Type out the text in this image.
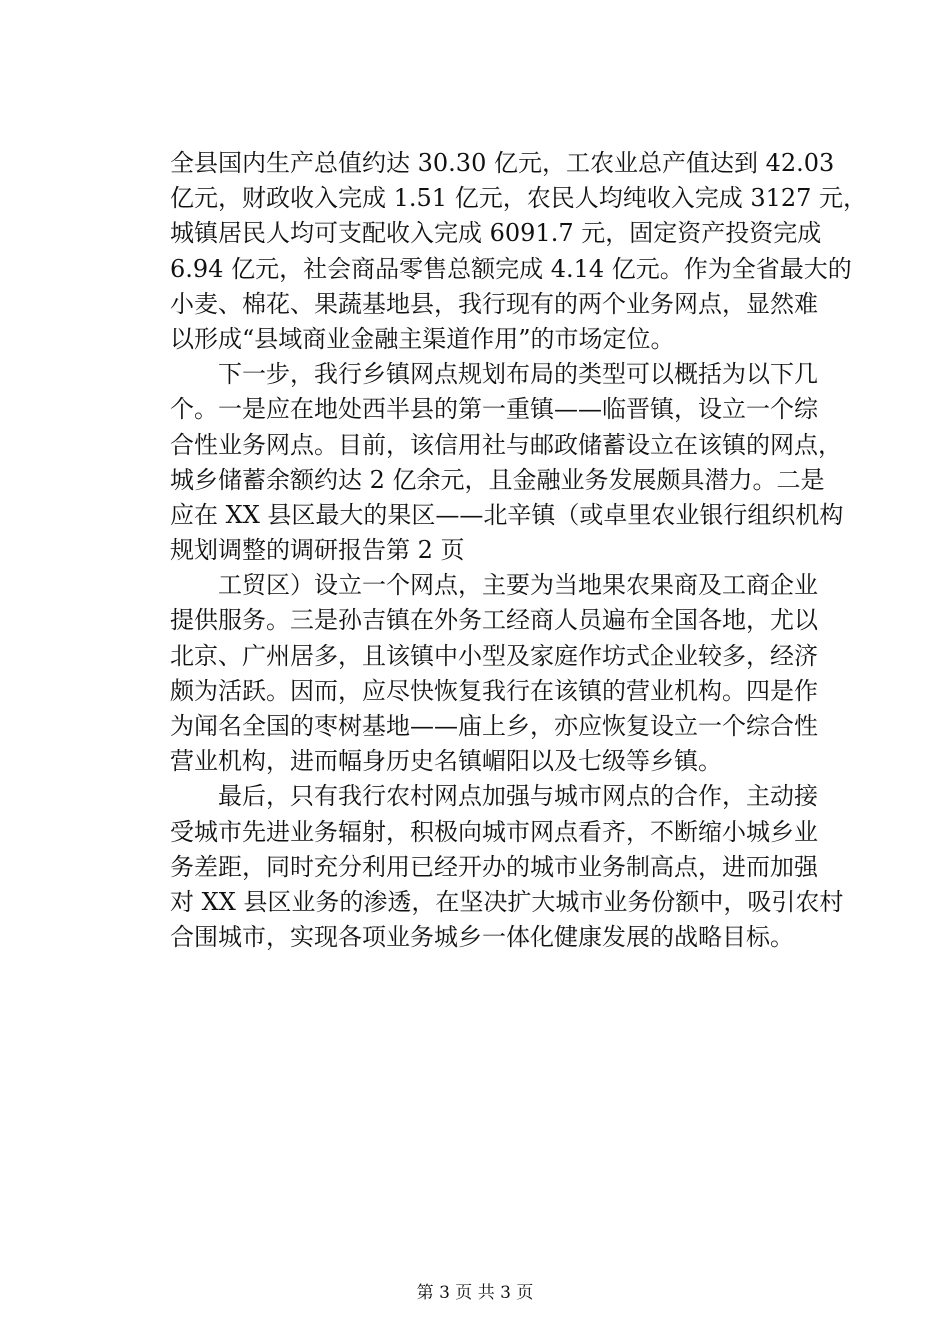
全县国内生产总值约达 30.30 亿元，工农业总产值达到 42.03
亿元，财政收入完成 1.51 亿元，农民人均纯收入完成 3127 元，
城镇居民人均可支配收入完成 6091.7 元，固定资产投资完成
6.94 亿元，社会商品零售总额完成 4.14 亿元。作为全省最大的
小麦、棉花、果蔬基地县，我行现有的两个业务网点，显然难
以形成“县域商业金融主渠道作用”的市场定位。
　　下一步，我行乡镇网点规划布局的类型可以概括为以下几
个。一是应在地处西半县的第一重镇——临晋镇，设立一个综
合性业务网点。目前，该信用社与邮政储蓄设立在该镇的网点，
城乡储蓄余额约达 2 亿余元，且金融业务发展颇具潜力。二是
应在 XX 县区最大的果区——北辛镇（或卓里农业银行组织机构
规划调整的调研报告第 2 页
　　工贸区）设立一个网点，主要为当地果农果商及工商企业
提供服务。三是孙吉镇在外务工经商人员遍布全国各地，尤以
北京、广州居多，且该镇中小型及家庭作坊式企业较多，经济
颇为活跃。因而，应尽快恢复我行在该镇的营业机构。四是作
为闻名全国的枣树基地——庙上乡，亦应恢复设立一个综合性
营业机构，进而幅身历史名镇嵋阳以及七级等乡镇。
　　最后，只有我行农村网点加强与城市网点的合作，主动接
受城市先进业务辐射，积极向城市网点看齐，不断缩小城乡业
务差距，同时充分利用已经开办的城市业务制高点，进而加强
对 XX 县区业务的渗透，在坚决扩大城市业务份额中，吸引农村
合围城市，实现各项业务城乡一体化健康发展的战略目标。
第 3 页 共 3 页
